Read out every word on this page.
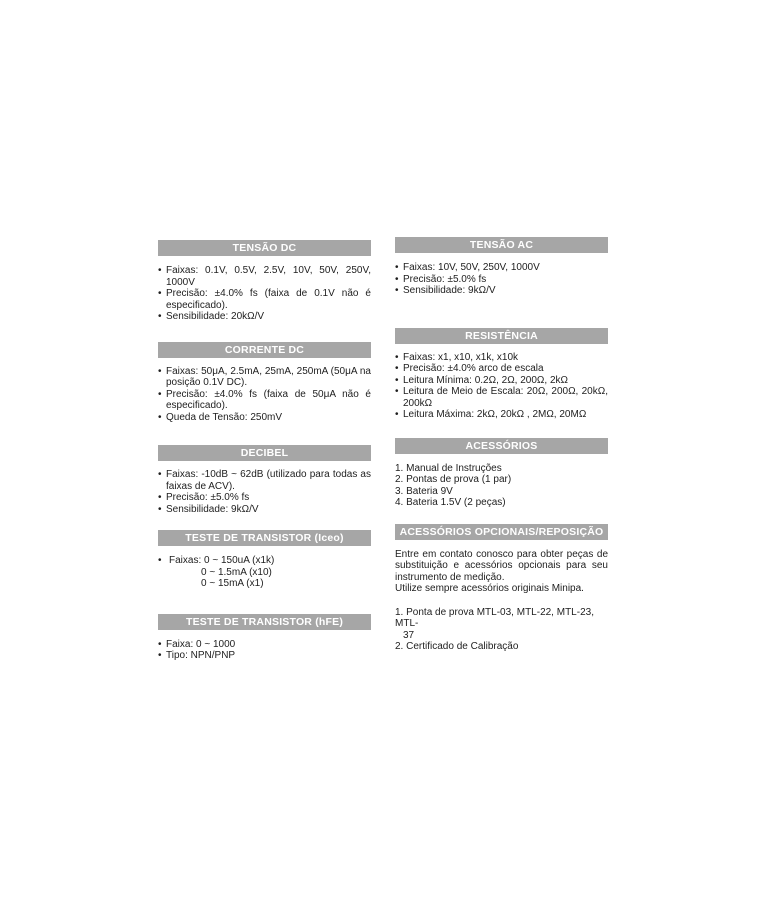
TENSÃO DC
• Faixas: 0.1V, 0.5V, 2.5V, 10V, 50V, 250V, 1000V
• Precisão: ±4.0% fs (faixa de 0.1V não é especificado).
• Sensibilidade: 20kΩ/V
CORRENTE DC
• Faixas: 50μA, 2.5mA, 25mA, 250mA (50μA na posição 0.1V DC).
• Precisão: ±4.0% fs (faixa de 50μA não é especificado).
• Queda de Tensão: 250mV
DECIBEL
• Faixas: -10dB ~ 62dB (utilizado para todas as faixas de ACV).
• Precisão: ±5.0% fs
• Sensibilidade: 9kΩ/V
TESTE DE TRANSISTOR (Iceo)
• Faixas: 0 ~ 150uA (x1k)
0 ~ 1.5mA (x10)
0 ~ 15mA (x1)
TESTE DE TRANSISTOR (hFE)
• Faixa: 0 ~ 1000
• Tipo: NPN/PNP
TENSÃO AC
• Faixas: 10V, 50V, 250V, 1000V
• Precisão: ±5.0% fs
• Sensibilidade: 9kΩ/V
RESISTÊNCIA
• Faixas: x1, x10, x1k, x10k
• Precisão: ±4.0% arco de escala
• Leitura Mínima: 0.2Ω, 2Ω, 200Ω, 2kΩ
• Leitura de Meio de Escala: 20Ω, 200Ω, 20kΩ, 200kΩ
• Leitura Máxima: 2kΩ, 20kΩ , 2MΩ, 20MΩ
ACESSÓRIOS
1. Manual de Instruções
2. Pontas de prova (1 par)
3. Bateria 9V
4. Bateria 1.5V (2 peças)
ACESSÓRIOS OPCIONAIS/REPOSIÇÃO

Entre em contato conosco para obter peças de substituição e acessórios opcionais para seu instrumento de medição.

Utilize sempre acessórios originais Minipa.

1. Ponta de prova MTL-03, MTL-22, MTL-23, MTL-
37
2. Certificado de Calibração
